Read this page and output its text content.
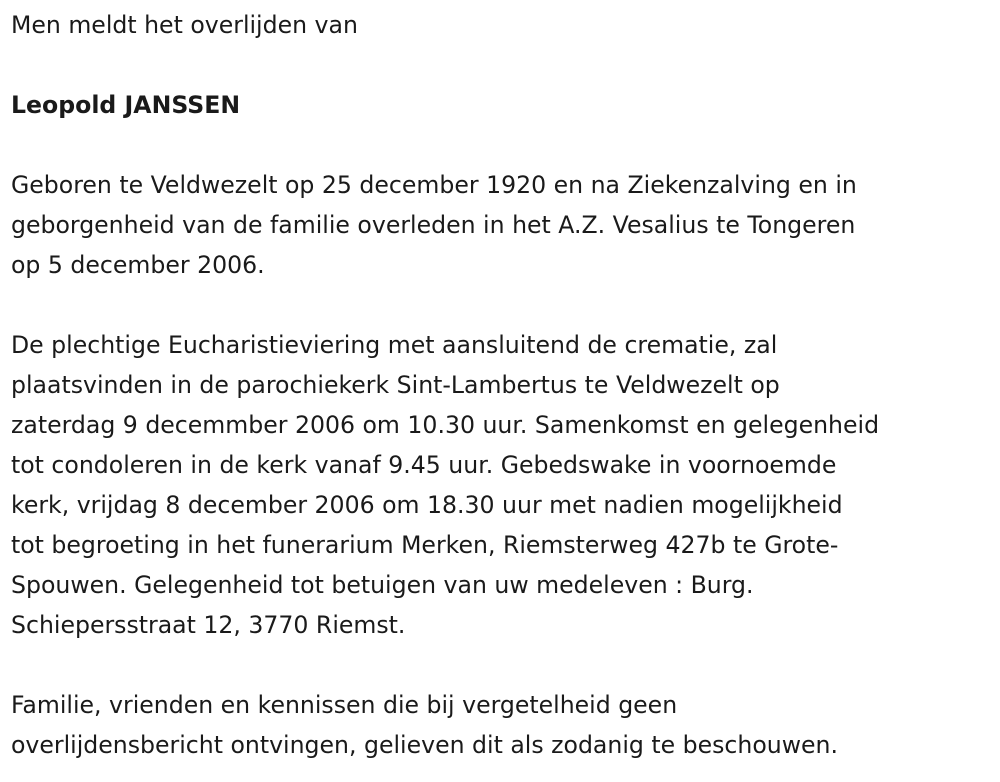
Men meldt het overlijden van

Leopold JANSSEN

Geboren te Veldwezelt op 25 december 1920 en na Ziekenzalving en in
geborgenheid van de familie overleden in het A.Z. Vesalius te Tongeren
op 5 december 2006.

De plechtige Eucharistieviering met aansluitend de crematie, zal
plaatsvinden in de parochiekerk Sint-Lambertus te Veldwezelt op
zaterdag 9 decemmber 2006 om 10.30 uur. Samenkomst en gelegenheid
tot condoleren in de kerk vanaf 9.45 uur. Gebedswake in voornoemde
kerk, vrijdag 8 december 2006 om 18.30 uur met nadien mogelijkheid
tot begroeting in het funerarium Merken, Riemsterweg 427b te Grote-
Spouwen. Gelegenheid tot betuigen van uw medeleven : Burg.
Schiepersstraat 12, 3770 Riemst.

Familie, vrienden en kennissen die bij vergetelheid geen
overlijdensbericht ontvingen, gelieven dit als zodanig te beschouwen.
